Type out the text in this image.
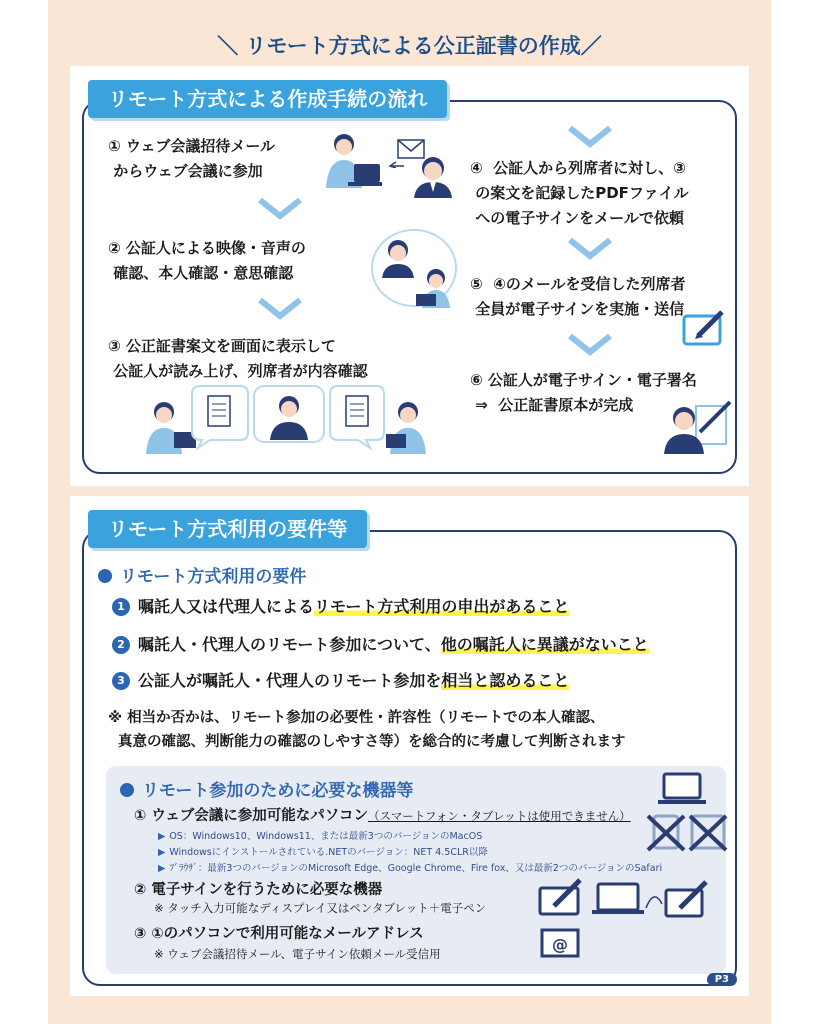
＼ リモート方式による公正証書の作成／
リモート方式による作成手続の流れ
① ウェブ会議招待メール
からウェブ会議に参加
② 公証人による映像・音声の
確認、本人確認・意思確認
③ 公正証書案文を画面に表示して
公証人が読み上げ、列席者が内容確認
④  公証人から列席者に対し、③
の案文を記録したPDFファイル
への電子サインをメールで依頼
⑤  ④のメールを受信した列席者
全員が電子サインを実施・送信
⑥ 公証人が電子サイン・電子署名
⇒  公正証書原本が完成
リモート方式利用の要件等
リモート方式利用の要件
1 嘱託人又は代理人によるリモート方式利用の申出があること
2 嘱託人・代理人のリモート参加について、他の嘱託人に異議がないこと
3 公証人が嘱託人・代理人のリモート参加を相当と認めること
※ 相当か否かは、リモート参加の必要性・許容性（リモートでの本人確認、
真意の確認、判断能力の確認のしやすさ等）を総合的に考慮して判断されます
リモート参加のために必要な機器等
① ウェブ会議に参加可能なパソコン（スマートフォン・タブレットは使用できません）
▶ OS：Windows10、Windows11、または最新3つのバージョンのMacOS
▶ Windowsにインストールされている.NETのバージョン：NET 4.5CLR以降
▶ ﾌﾞﾗｳｻﾞ：最新3つのバージョンのMicrosoft Edge、Google Chrome、Fire fox、又は最新2つのバージョンのSafari
② 電子サインを行うために必要な機器
※ タッチ入力可能なディスプレイ又はペンタブレット＋電子ペン
③ ①のパソコンで利用可能なメールアドレス
※ ウェブ会議招待メール、電子サイン依頼メール受信用	@
P3
